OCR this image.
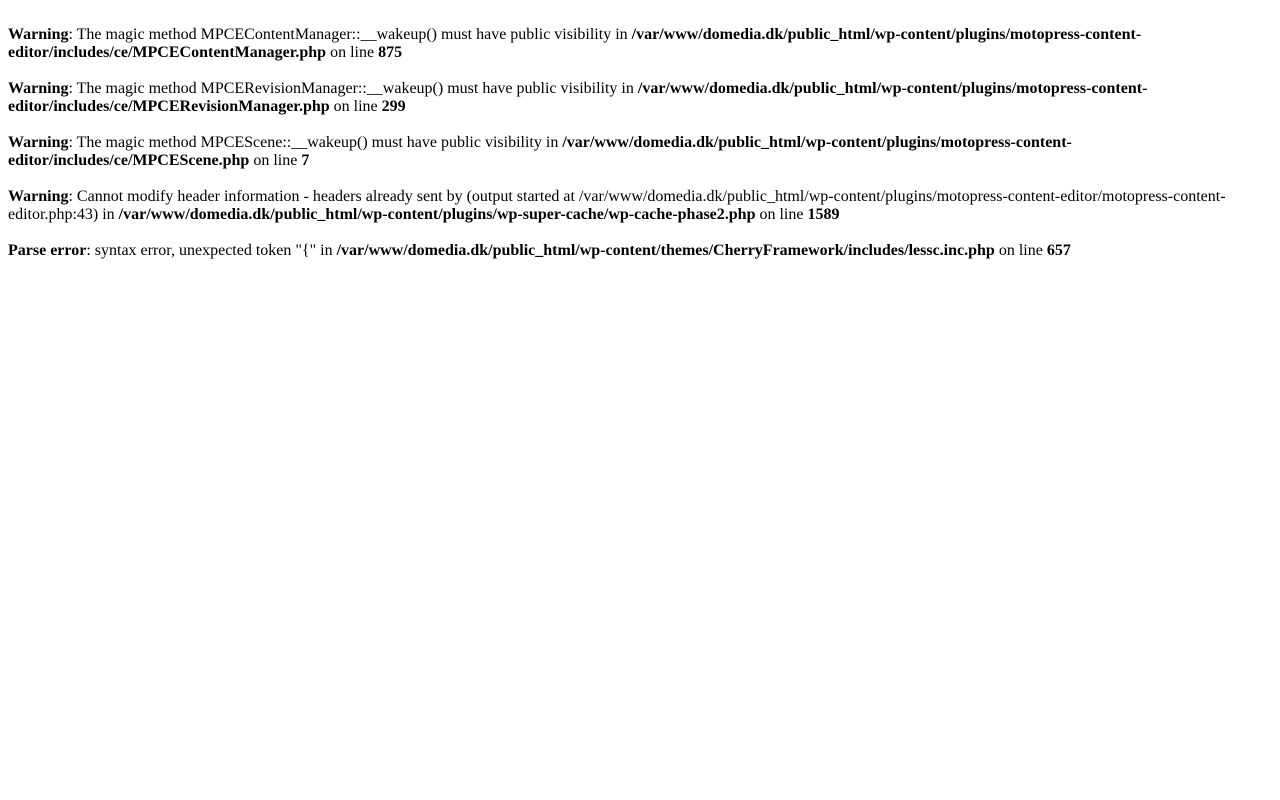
Warning: The magic method MPCEContentManager::__wakeup() must have public visibility in /var/www/domedia.dk/public_html/wp-content/plugins/motopress-content-editor/includes/ce/MPCEContentManager.php on line 875
Warning: The magic method MPCERevisionManager::__wakeup() must have public visibility in /var/www/domedia.dk/public_html/wp-content/plugins/motopress-content-editor/includes/ce/MPCERevisionManager.php on line 299
Warning: The magic method MPCEScene::__wakeup() must have public visibility in /var/www/domedia.dk/public_html/wp-content/plugins/motopress-content-editor/includes/ce/MPCEScene.php on line 7
Warning: Cannot modify header information - headers already sent by (output started at /var/www/domedia.dk/public_html/wp-content/plugins/motopress-content-editor/motopress-content-editor.php:43) in /var/www/domedia.dk/public_html/wp-content/plugins/wp-super-cache/wp-cache-phase2.php on line 1589
Parse error: syntax error, unexpected token "{" in /var/www/domedia.dk/public_html/wp-content/themes/CherryFramework/includes/lessc.inc.php on line 657
